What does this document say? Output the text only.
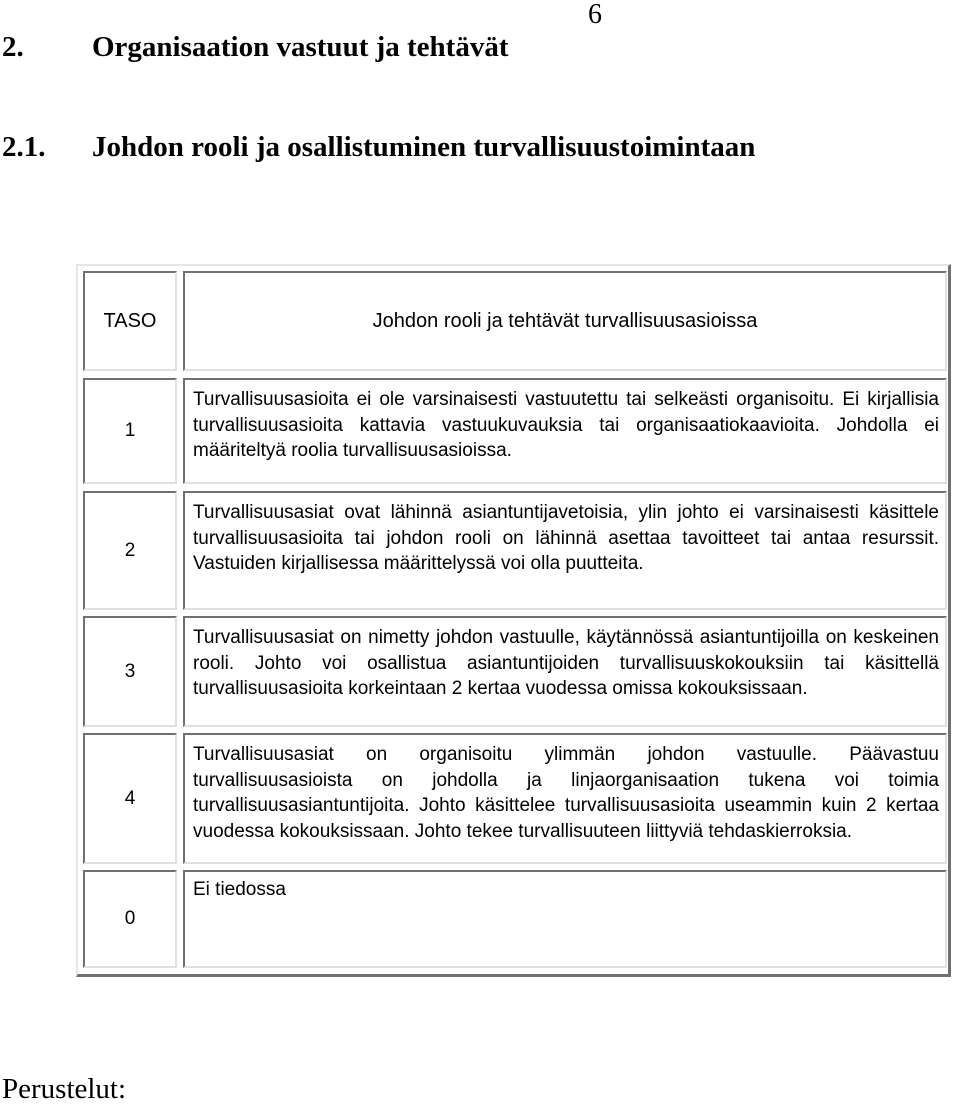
6
2. Organisaation vastuut ja tehtävät
2.1. Johdon rooli ja osallistuminen turvallisuustoimintaan
TASO	Johdon rooli ja tehtävät turvallisuusasioissa
1
Turvallisuusasioita ei ole varsinaisesti vastuutettu tai selkeästi organisoitu. Ei kirjallisia turvallisuusasioita kattavia vastuukuvauksia tai organisaatiokaavioita. Johdolla ei määriteltyä roolia turvallisuusasioissa.
2
Turvallisuusasiat ovat lähinnä asiantuntijavetoisia, ylin johto ei varsinaisesti käsittele turvallisuusasioita tai johdon rooli on lähinnä asettaa tavoitteet tai antaa resurssit. Vastuiden kirjallisessa määrittelyssä voi olla puutteita.
3
Turvallisuusasiat on nimetty johdon vastuulle, käytännössä asiantuntijoilla on keskeinen rooli. Johto voi osallistua asiantuntijoiden turvallisuuskokouksiin tai käsittellä turvallisuusasioita korkeintaan 2 kertaa vuodessa omissa kokouksissaan.
4
Turvallisuusasiat on organisoitu ylimmän johdon vastuulle. Päävastuu turvallisuusasioista on johdolla ja linjaorganisaation tukena voi toimia turvallisuusasiantuntijoita. Johto käsittelee turvallisuusasioita useammin kuin 2 kertaa vuodessa kokouksissaan. Johto tekee turvallisuuteen liittyviä tehdaskierroksia.
0
Ei tiedossa
Perustelut:
